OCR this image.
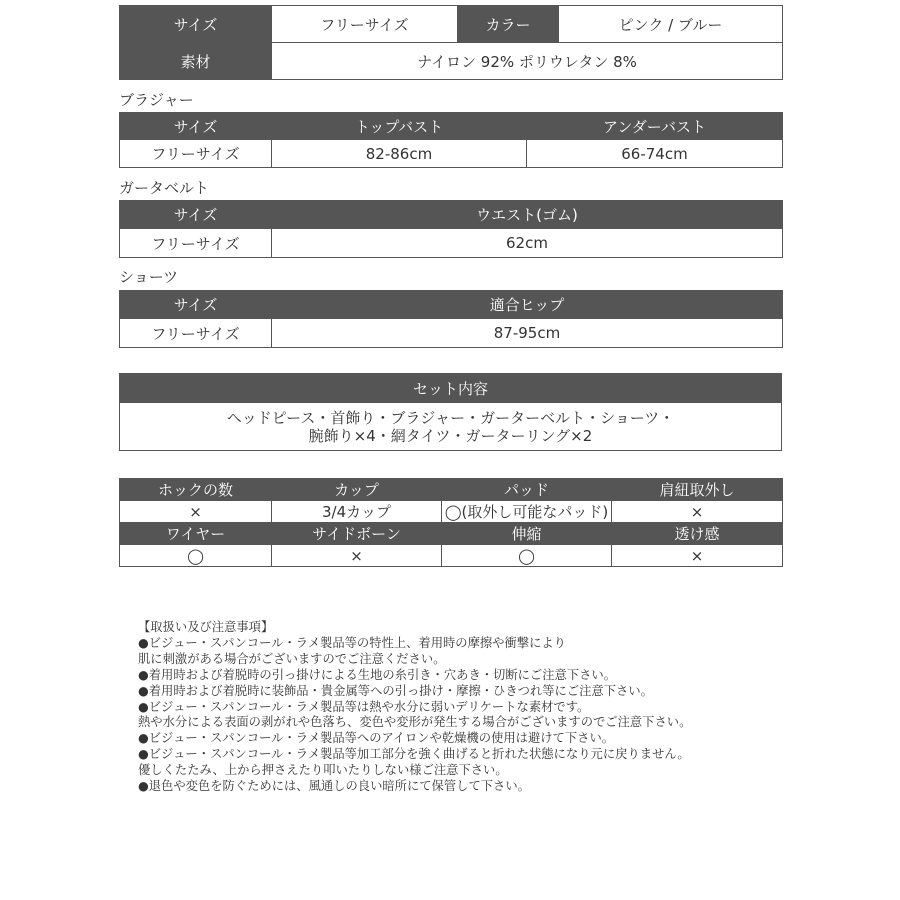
サイズ	フリーサイズ	カラー	ピンク / ブルー
素材	ナイロン 92% ポリウレタン 8%		
ブラジャー
サイズ	トップバスト	アンダーバスト
フリーサイズ	82-86cm	66-74cm
ガータベルト
サイズ	ウエスト(ゴム)
フリーサイズ	62cm
ショーツ
サイズ	適合ヒップ
フリーサイズ	87-95cm
セット内容

ヘッドピース・首飾り・ブラジャー・ガーターベルト・ショーツ・
腕飾り×4・網タイツ・ガーターリング×2
ホックの数	カップ	パッド	肩紐取外し
×	3/4カップ	◯(取外し可能なパッド)	×
ワイヤー	サイドボーン	伸縮	透け感
◯	×	◯	×
【取扱い及び注意事項】
●ビジュー・スパンコール・ラメ製品等の特性上、着用時の摩擦や衝撃により
肌に刺激がある場合がございますのでご注意ください。
●着用時および着脱時の引っ掛けによる生地の糸引き・穴あき・切断にご注意下さい。
●着用時および着脱時に装飾品・貴金属等への引っ掛け・摩擦・ひきつれ等にご注意下さい。
●ビジュー・スパンコール・ラメ製品等は熱や水分に弱いデリケートな素材です。
熱や水分による表面の剥がれや色落ち、変色や変形が発生する場合がございますのでご注意下さい。
●ビジュー・スパンコール・ラメ製品等へのアイロンや乾燥機の使用は避けて下さい。
●ビジュー・スパンコール・ラメ製品等加工部分を強く曲げると折れた状態になり元に戻りません。
優しくたたみ、上から押さえたり叩いたりしない様ご注意下さい。
●退色や変色を防ぐためには、風通しの良い暗所にて保管して下さい。
